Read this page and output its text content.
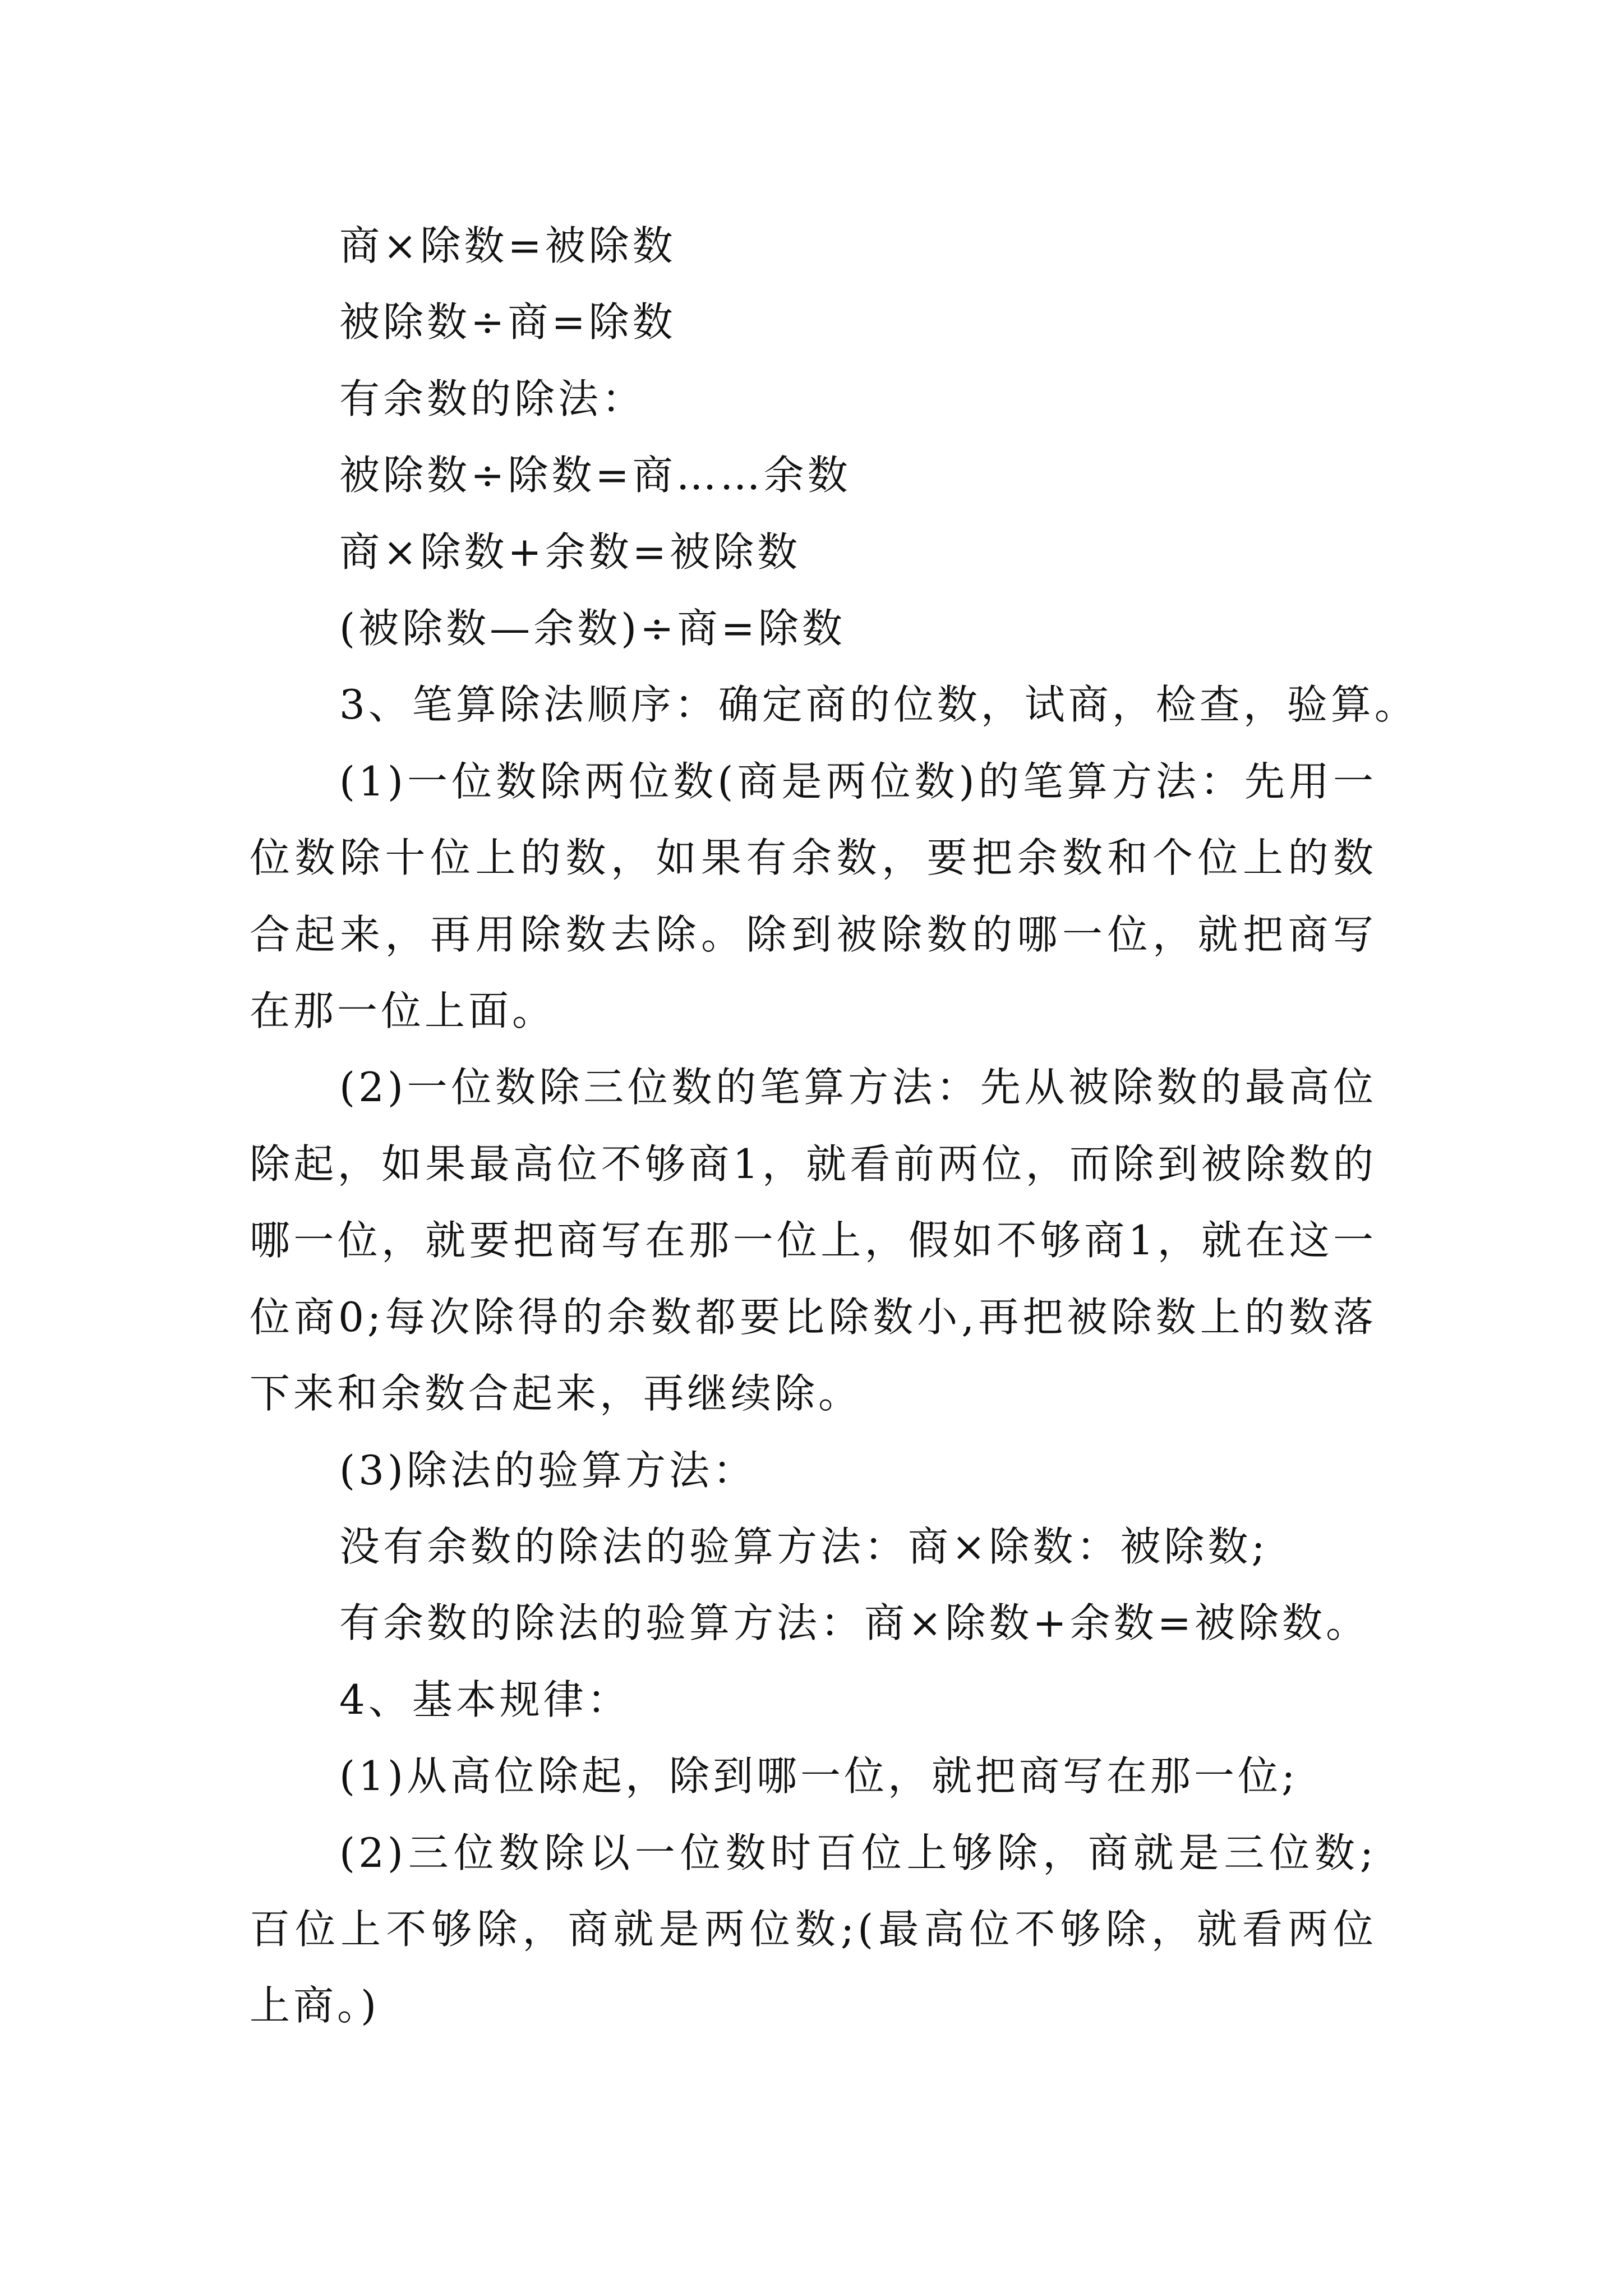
商×除数=被除数

被除数÷商=除数

有余数的除法：

被除数÷除数=商……余数

商×除数+余数=被除数

(被除数—余数)÷商=除数

3、笔算除法顺序：确定商的位数，试商，检查，验算。

(1)一位数除两位数(商是两位数)的笔算方法：先用一位数除十位上的数，如果有余数，要把余数和个位上的数合起来，再用除数去除。除到被除数的哪一位，就把商写在那一位上面。

(2)一位数除三位数的笔算方法：先从被除数的最高位除起，如果最高位不够商1，就看前两位，而除到被除数的哪一位，就要把商写在那一位上，假如不够商1，就在这一位商0;每次除得的余数都要比除数小,再把被除数上的数落下来和余数合起来，再继续除。

(3)除法的验算方法：

没有余数的除法的验算方法：商×除数：被除数;

有余数的除法的验算方法：商×除数+余数=被除数。

4、基本规律：

(1)从高位除起，除到哪一位，就把商写在那一位;

(2)三位数除以一位数时百位上够除，商就是三位数;百位上不够除，商就是两位数;(最高位不够除，就看两位上商。)
